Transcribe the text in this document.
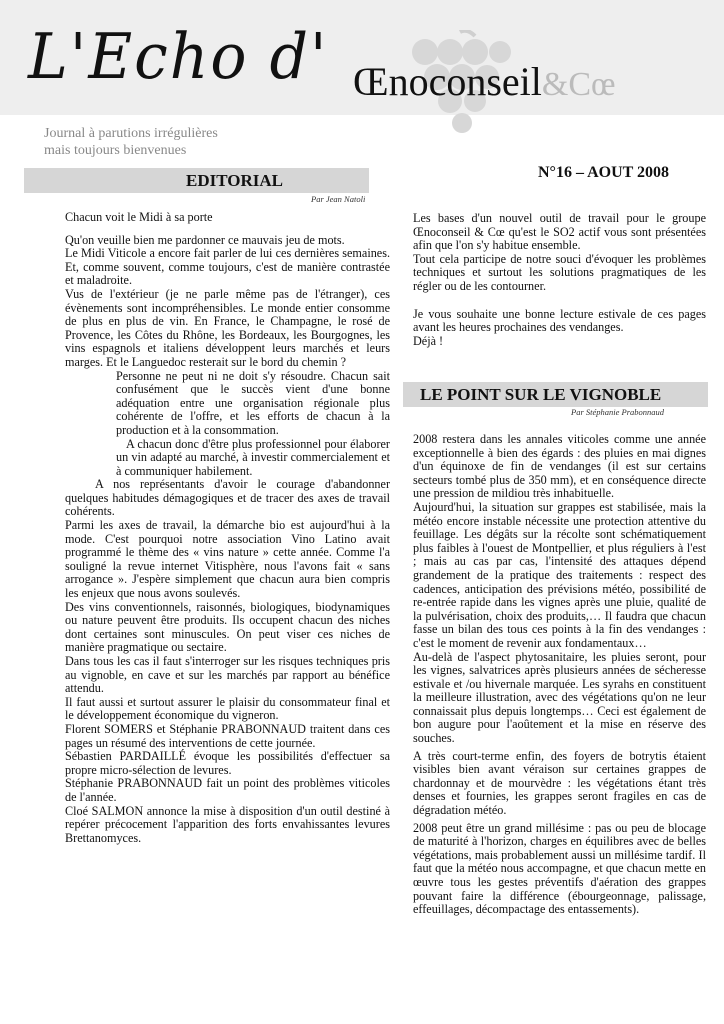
L'Echo d' Œnoconseil&Cœ
Journal à parutions irrégulières
mais toujours bienvenues
EDITORIAL	N°16 – AOUT 2008
Par Jean Natoli

Chacun voit le Midi à sa porte

Qu'on veuille bien me pardonner ce mauvais jeu de mots.

Le Midi Viticole a encore fait parler de lui ces dernières semaines. Et, comme souvent, comme toujours, c'est de manière contrastée et maladroite.

Vus de l'extérieur (je ne parle même pas de l'étranger), ces évènements sont incompréhensibles. Le monde entier consomme de plus en plus de vin. En France, le Champagne, le rosé de Provence, les Côtes du Rhône, les Bordeaux, les Bourgognes, les vins espagnols et italiens développent leurs marchés et leurs marges. Et le Languedoc resterait sur le bord du chemin ?

Personne ne peut ni ne doit s'y résoudre. Chacun sait confusément que le succès vient d'une bonne adéquation entre une organisation régionale plus cohérente de l'offre, et les efforts de chacun à la production et à la consommation.

A chacun donc d'être plus professionnel pour élaborer un vin adapté au marché, à investir commercialement et à communiquer habilement.

A nos représentants d'avoir le courage d'abandonner quelques habitudes démagogiques et de tracer des axes de travail cohérents.

Parmi les axes de travail, la démarche bio est aujourd'hui à la mode. C'est pourquoi notre association Vino Latino avait programmé le thème des « vins nature » cette année. Comme l'a souligné la revue internet Vitisphère, nous l'avons fait « sans arrogance ». J'espère simplement que chacun aura bien compris les enjeux que nous avons soulevés.

Des vins conventionnels, raisonnés, biologiques, biodynamiques ou nature peuvent être produits. Ils occupent chacun des niches dont certaines sont minuscules. On peut viser ces niches de manière pragmatique ou sectaire.

Dans tous les cas il faut s'interroger sur les risques techniques pris au vignoble, en cave et sur les marchés par rapport au bénéfice attendu.

Il faut aussi et surtout assurer le plaisir du consommateur final et le développement économique du vigneron.

Florent SOMERS et Stéphanie PRABONNAUD traitent dans ces pages un résumé des interventions de cette journée.

Sébastien PARDAILLÉ évoque les possibilités d'effectuer sa propre micro-sélection de levures.

Stéphanie PRABONNAUD fait un point des problèmes viticoles de l'année.

Cloé SALMON annonce la mise à disposition d'un outil destiné à repérer précocement l'apparition des forts envahissantes levures Brettanomyces.

Les bases d'un nouvel outil de travail pour le groupe Œnoconseil & Cœ qu'est le SO2 actif vous sont présentées afin que l'on s'y habitue ensemble.

Tout cela participe de notre souci d'évoquer les problèmes techniques et surtout les solutions pragmatiques de les régler ou de les contourner.

Je vous souhaite une bonne lecture estivale de ces pages avant les heures prochaines des vendanges.

Déjà !

LE POINT SUR LE VIGNOBLE
Par Stéphanie Prabonnaud

2008 restera dans les annales viticoles comme une année exceptionnelle à bien des égards : des pluies en mai dignes d'un équinoxe de fin de vendanges (il est sur certains secteurs tombé plus de 350 mm), et en conséquence directe une pression de mildiou très inhabituelle.

Aujourd'hui, la situation sur grappes est stabilisée, mais la météo encore instable nécessite une protection attentive du feuillage. Les dégâts sur la récolte sont schématiquement plus faibles à l'ouest de Montpellier, et plus réguliers à l'est ; mais au cas par cas, l'intensité des attaques dépend grandement de la pratique des traitements : respect des cadences, anticipation des prévisions météo, possibilité de re-entrée rapide dans les vignes après une pluie, qualité de la pulvérisation, choix des produits,… Il faudra que chacun fasse un bilan des tous ces points à la fin des vendanges : c'est le moment de revenir aux fondamentaux…

Au-delà de l'aspect phytosanitaire, les pluies seront, pour les vignes, salvatrices après plusieurs années de sécheresse estivale et /ou hivernale marquée. Les syrahs en constituent la meilleure illustration, avec des végétations qu'on ne leur connaissait plus depuis longtemps… Ceci est également de bon augure pour l'aoûtement et la mise en réserve des souches.

A très court-terme enfin, des foyers de botrytis étaient visibles bien avant véraison sur certaines grappes de chardonnay et de mourvèdre : les végétations étant très denses et fournies, les grappes seront fragiles en cas de dégradation météo.

2008 peut être un grand millésime : pas ou peu de blocage de maturité à l'horizon, charges en équilibres avec de belles végétations, mais probablement aussi un millésime tardif. Il faut que la météo nous accompagne, et que chacun mette en œuvre tous les gestes préventifs d'aération des grappes pouvant faire la différence (ébourgeonnage, palissage, effeuillages, décompactage des entassements).
